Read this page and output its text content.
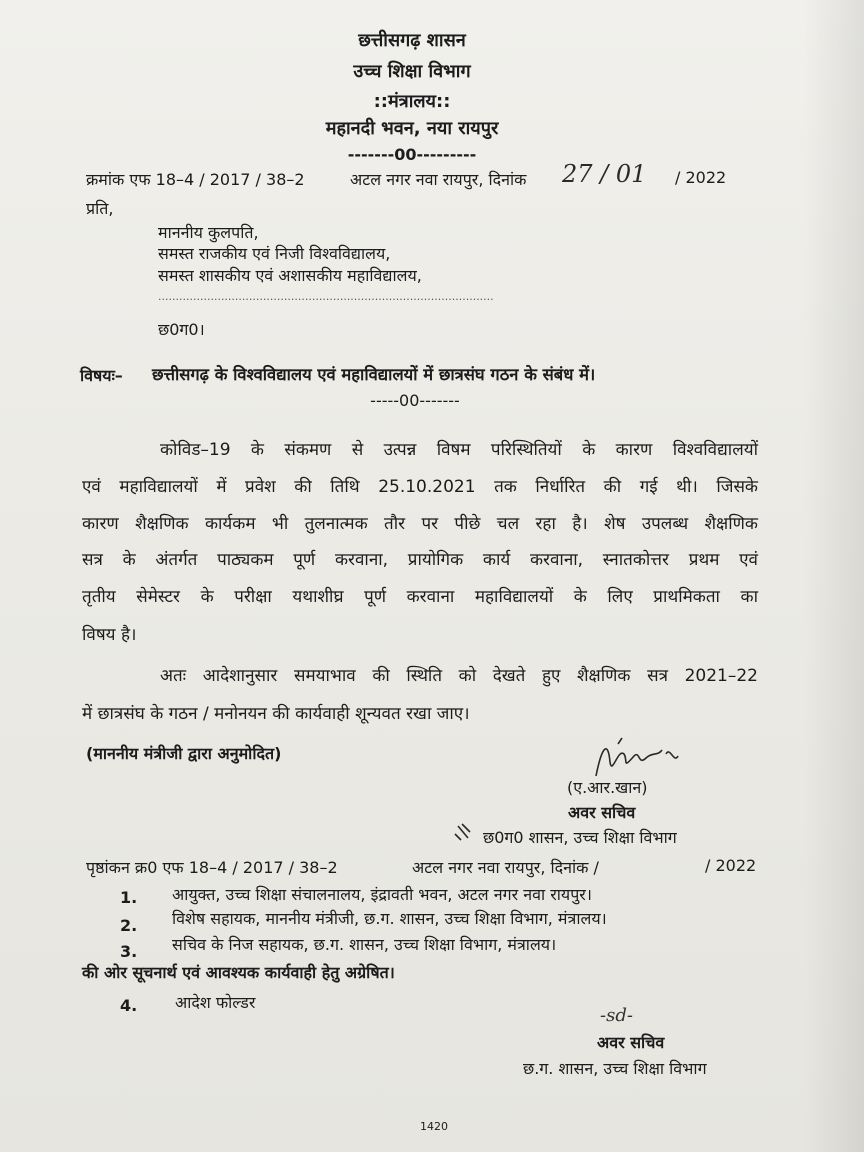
छत्तीसगढ़ शासन
उच्च शिक्षा विभाग
::मंत्रालय::
महानदी भवन, नया रायपुर
-------00---------
क्रमांक एफ 18–4 / 2017 / 38–2	अटल नगर नवा रायपुर, दिनांक 27 / 01 / 2022
प्रति,
माननीय कुलपति,
समस्त राजकीय एवं निजी विश्वविद्यालय,
समस्त शासकीय एवं अशासकीय महाविद्यालय,
................................................................................................
छ0ग0।
विषयः– छत्तीसगढ़ के विश्वविद्यालय एवं महाविद्यालयों में छात्रसंघ गठन के संबंध में।
-----00-------
कोविड–19 के संकमण से उत्पन्न विषम परिस्थितियों के कारण विश्वविद्यालयों
एवं महाविद्यालयों में प्रवेश की तिथि 25.10.2021 तक निर्धारित की गई थी। जिसके
कारण शैक्षणिक कार्यकम भी तुलनात्मक तौर पर पीछे चल रहा है। शेष उपलब्ध शैक्षणिक
सत्र के अंतर्गत पाठ्यकम पूर्ण करवाना, प्रायोगिक कार्य करवाना, स्नातकोत्तर प्रथम एवं
तृतीय सेमेस्टर के परीक्षा यथाशीघ्र पूर्ण करवाना महाविद्यालयों के लिए प्राथमिकता का
विषय है।
अतः आदेशानुसार समयाभाव की स्थिति को देखते हुए शैक्षणिक सत्र 2021–22
में छात्रसंघ के गठन / मनोनयन की कार्यवाही शून्यवत रखा जाए।
(माननीय मंत्रीजी द्वारा अनुमोदित)
(ए.आर.खान)
अवर सचिव
छ0ग0 शासन, उच्च शिक्षा विभाग
पृष्ठांकन क्र0 एफ 18–4 / 2017 / 38–2	अटल नगर नवा रायपुर, दिनांक /	/ 2022
1. आयुक्त, उच्च शिक्षा संचालनालय, इंद्रावती भवन, अटल नगर नवा रायपुर।
2. विशेष सहायक, माननीय मंत्रीजी, छ.ग. शासन, उच्च शिक्षा विभाग, मंत्रालय।
3. सचिव के निज सहायक, छ.ग. शासन, उच्च शिक्षा विभाग, मंत्रालय।
की ओर सूचनार्थ एवं आवश्यक कार्यवाही हेतु अग्रेषित।
4. आदेश फोल्डर
-sd-
अवर सचिव
छ.ग. शासन, उच्च शिक्षा विभाग
1420
